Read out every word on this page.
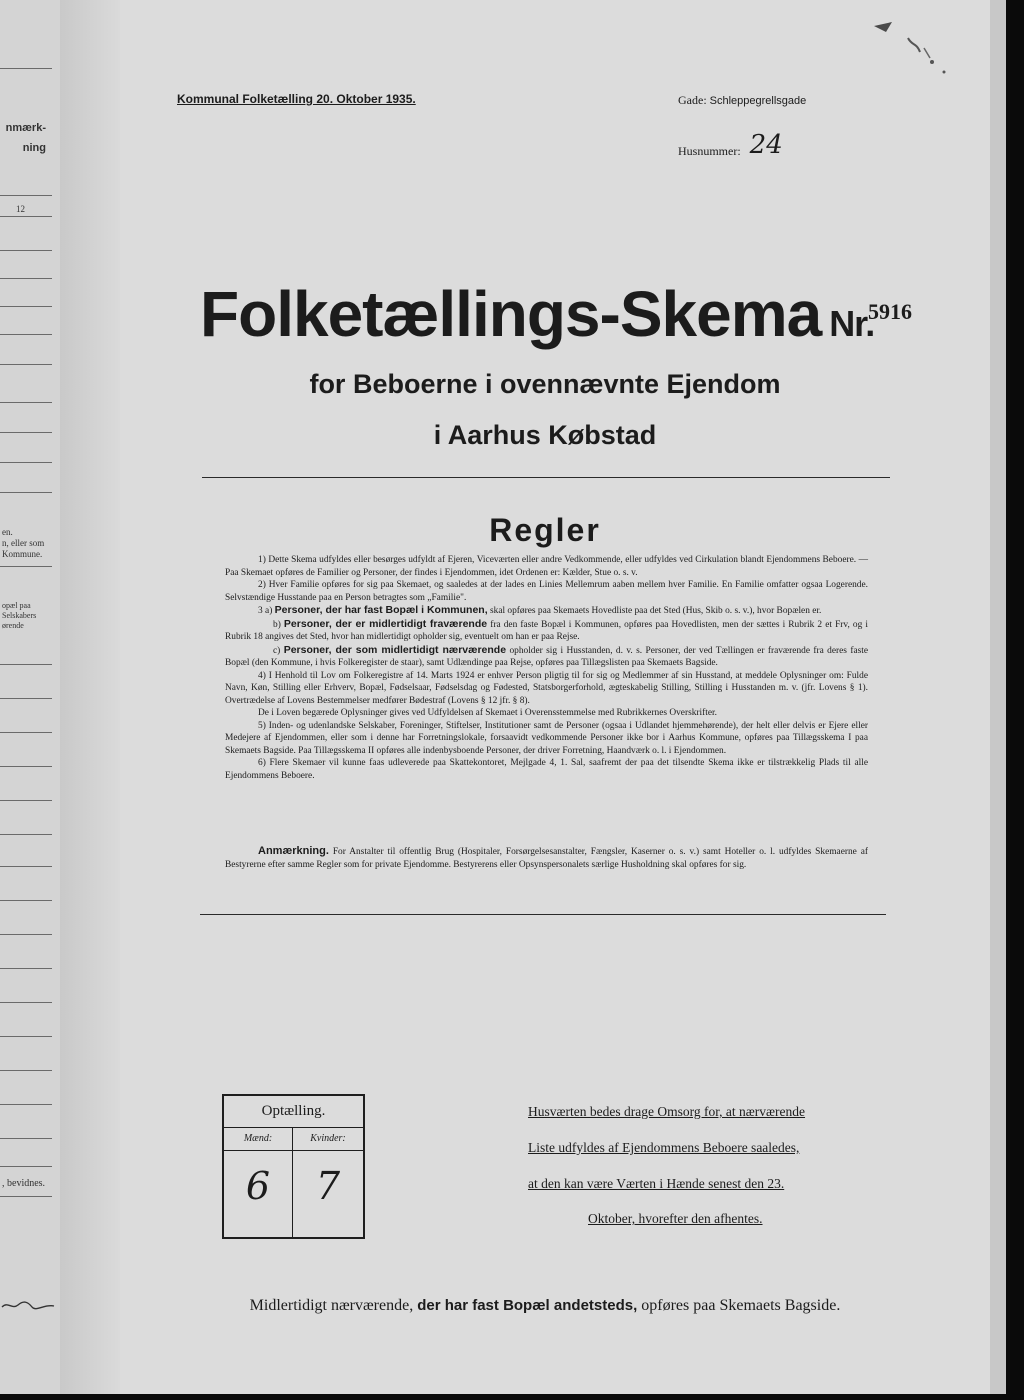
nmærk-
ning
12
en.
n, eller som
Kommune.
opæl paa
Selskabers
ørende
, bevidnes.
Kommunal Folketælling 20. Oktober 1935.	Gade: Schleppegrellsgade
Husnummer: 24
Folketællings-Skema Nr.
5916
for Beboerne i ovennævnte Ejendom
i Aarhus Købstad
Regler

1) Dette Skema udfyldes eller besørges udfyldt af Ejeren, Viceværten eller andre Vedkommende, eller udfyldes ved Cirkulation blandt Ejendommens Beboere. — Paa Skemaet opføres de Familier og Personer, der findes i Ejendommen, idet Ordenen er: Kælder, Stue o. s. v.

2) Hver Familie opføres for sig paa Skemaet, og saaledes at der lades en Linies Mellemrum aaben mellem hver Familie. En Familie omfatter ogsaa Logerende. Selvstændige Husstande paa en Person betragtes som „Familie".

3 a) Personer, der har fast Bopæl i Kommunen, skal opføres paa Skemaets Hovedliste paa det Sted (Hus, Skib o. s. v.), hvor Bopælen er.

b) Personer, der er midlertidigt fraværende fra den faste Bopæl i Kommunen, opføres paa Hovedlisten, men der sættes i Rubrik 2 et Frv, og i Rubrik 18 angives det Sted, hvor han midlertidigt opholder sig, eventuelt om han er paa Rejse.

c) Personer, der som midlertidigt nærværende opholder sig i Husstanden, d. v. s. Personer, der ved Tællingen er fraværende fra deres faste Bopæl (den Kommune, i hvis Folkeregister de staar), samt Udlændinge paa Rejse, opføres paa Tillægslisten paa Skemaets Bagside.

4) I Henhold til Lov om Folkeregistre af 14. Marts 1924 er enhver Person pligtig til for sig og Medlemmer af sin Husstand, at meddele Oplysninger om: Fulde Navn, Køn, Stilling eller Erhverv, Bopæl, Fødselsaar, Fødselsdag og Fødested, Statsborgerforhold, ægteskabelig Stilling, Stilling i Husstanden m. v. (jfr. Lovens § 1). Overtrædelse af Lovens Bestemmelser medfører Bødestraf (Lovens § 12 jfr. § 8).

De i Loven begærede Oplysninger gives ved Udfyldelsen af Skemaet i Overensstemmelse med Rubrikkernes Overskrifter.

5) Inden- og udenlandske Selskaber, Foreninger, Stiftelser, Institutioner samt de Personer (ogsaa i Udlandet hjemmehørende), der helt eller delvis er Ejere eller Medejere af Ejendommen, eller som i denne har Forretningslokale, forsaavidt vedkommende Personer ikke bor i Aarhus Kommune, opføres paa Tillægsskema I paa Skemaets Bagside. Paa Tillægsskema II opføres alle indenbysboende Personer, der driver Forretning, Haandværk o. l. i Ejendommen.

6) Flere Skemaer vil kunne faas udleverede paa Skattekontoret, Mejlgade 4, 1. Sal, saafremt der paa det tilsendte Skema ikke er tilstrækkelig Plads til alle Ejendommens Beboere.

Anmærkning. For Anstalter til offentlig Brug (Hospitaler, Forsørgelsesanstalter, Fængsler, Kaserner o. s. v.) samt Hoteller o. l. udfyldes Skemaerne af Bestyrerne efter samme Regler som for private Ejendomme. Bestyrerens eller Opsynspersonalets særlige Husholdning skal opføres for sig.

Optælling.
Mænd:
6
Kvinder:
7
Husværten bedes drage Omsorg for, at nærværende
Liste udfyldes af Ejendommens Beboere saaledes,
at den kan være Værten i Hænde senest den 23.
Oktober, hvorefter den afhentes.
Midlertidigt nærværende, der har fast Bopæl andetsteds, opføres paa Skemaets Bagside.
